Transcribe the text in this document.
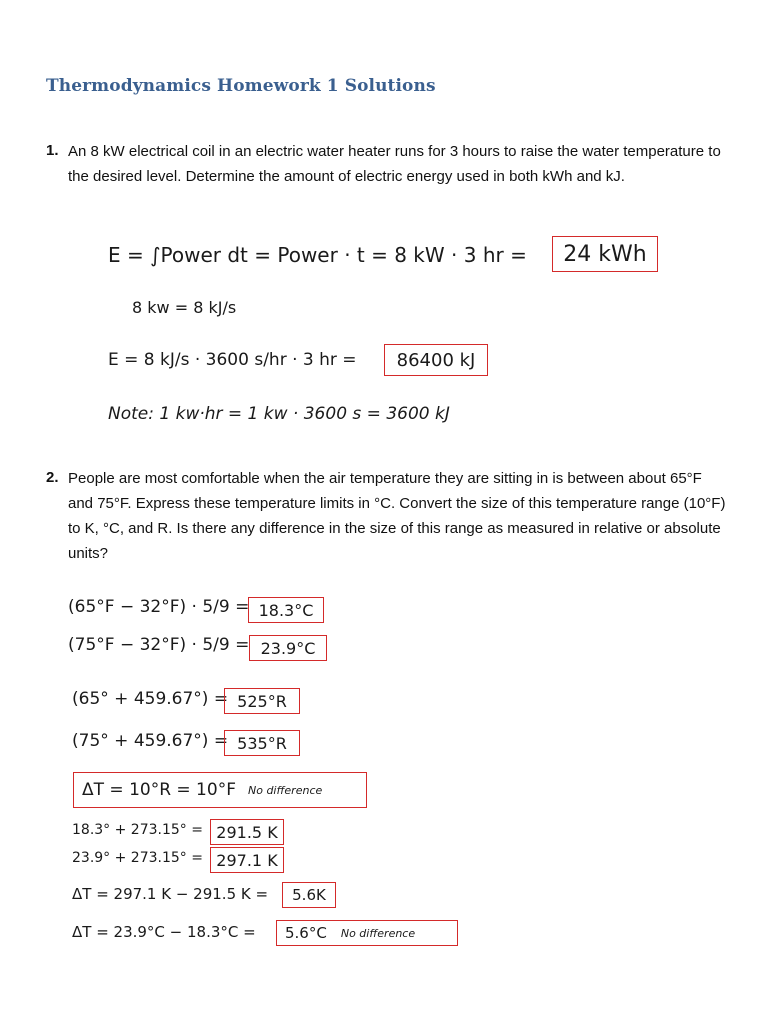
Thermodynamics Homework 1 Solutions
1. An 8 kW electrical coil in an electric water heater runs for 3 hours to raise the water temperature to the desired level. Determine the amount of electric energy used in both kWh and kJ.
E = ∫Power dt = Power · t = 8 kW · 3 hr =	24 kWh
8 kw = 8 kJ/s
E = 8 kJ/s · 3600 s/hr · 3 hr =	86400 kJ
Note: 1 kw·hr = 1 kw · 3600 s = 3600 kJ
2. People are most comfortable when the air temperature they are sitting in is between about 65°F and 75°F. Express these temperature limits in °C. Convert the size of this temperature range (10°F) to K, °C, and R. Is there any difference in the size of this range as measured in relative or absolute units?
(65°F − 32°F) · 5/9 = 18.3°C
(75°F − 32°F) · 5/9 = 23.9°C
(65° + 459.67°) = 525°R
(75° + 459.67°) = 535°R
ΔT = 10°R = 10°F No difference
18.3° + 273.15° = 291.5 K
23.9° + 273.15° = 297.1 K
ΔT = 297.1 K − 291.5 K =	5.6K
ΔT = 23.9°C − 18.3°C = 5.6°C No difference
